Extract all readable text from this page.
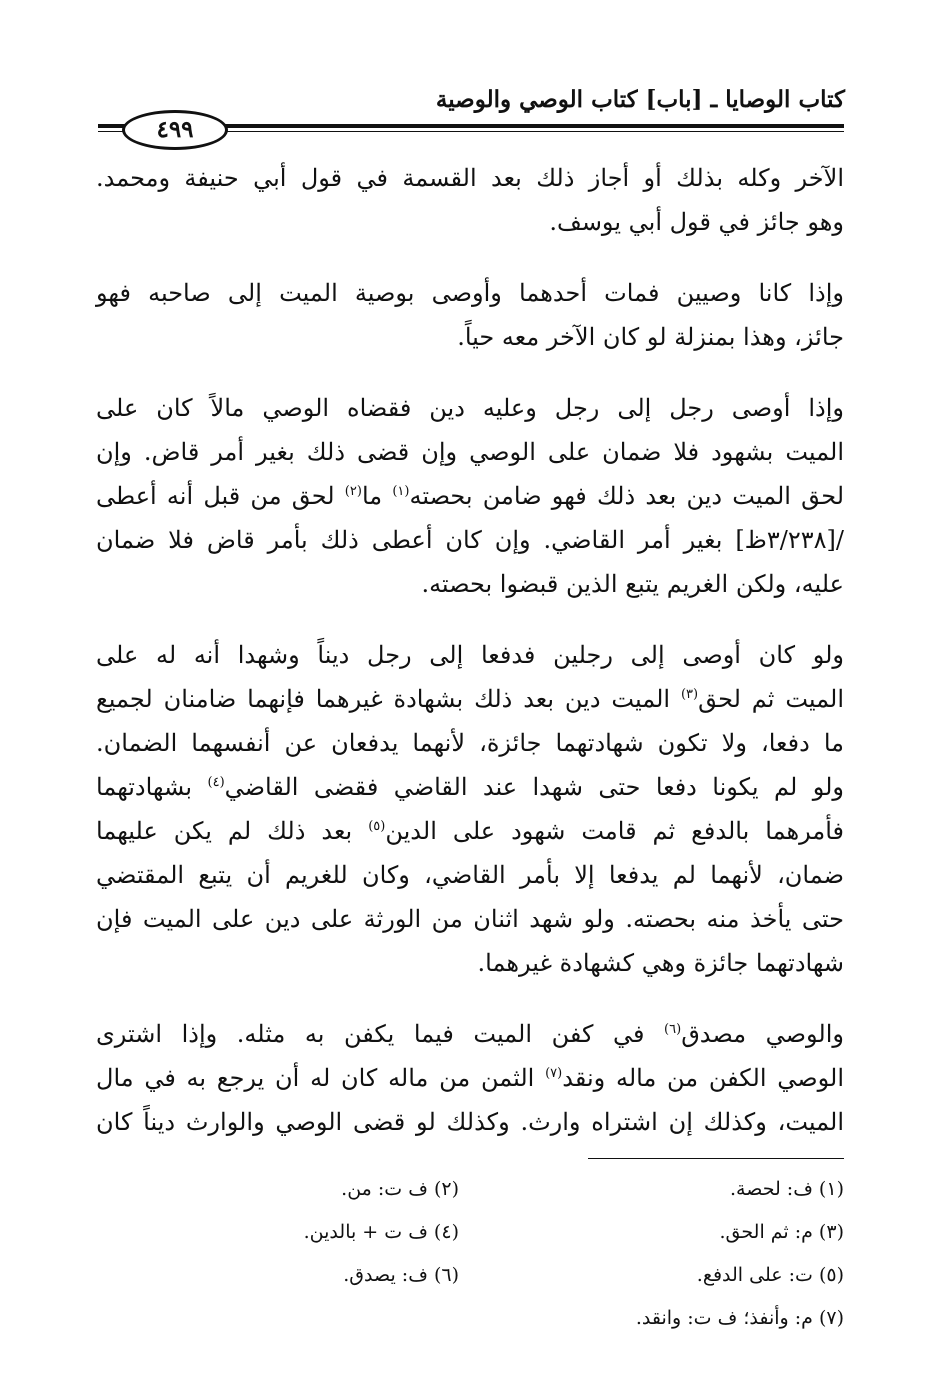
كتاب الوصايا ـ [باب] كتاب الوصي والوصية
٤٩٩
الآخر وكله بذلك أو أجاز ذلك بعد القسمة في قول أبي حنيفة ومحمد.
وهو جائز في قول أبي يوسف.
وإذا كانا وصيين فمات أحدهما وأوصى بوصية الميت إلى صاحبه فهو
جائز، وهذا بمنزلة لو كان الآخر معه حياً.
وإذا أوصى رجل إلى رجل وعليه دين فقضاه الوصي مالاً كان على
الميت بشهود فلا ضمان على الوصي وإن قضى ذلك بغير أمر قاض. وإن
لحق الميت دين بعد ذلك فهو ضامن بحصته$^{(١)}$ ما$^{(٢)}$ لحق من قبل أنه أعطى
/[٣/٢٣٨ظ] بغير أمر القاضي. وإن كان أعطى ذلك بأمر قاض فلا ضمان
عليه، ولكن الغريم يتبع الذين قبضوا بحصته.
ولو كان أوصى إلى رجلين فدفعا إلى رجل ديناً وشهدا أنه له على
الميت ثم لحق$^{(٣)}$ الميت دين بعد ذلك بشهادة غيرهما فإنهما ضامنان لجميع
ما دفعا، ولا تكون شهادتهما جائزة، لأنهما يدفعان عن أنفسهما الضمان.
ولو لم يكونا دفعا حتى شهدا عند القاضي فقضى القاضي$^{(٤)}$ بشهادتهما
فأمرهما بالدفع ثم قامت شهود على الدين$^{(٥)}$ بعد ذلك لم يكن عليهما
ضمان، لأنهما لم يدفعا إلا بأمر القاضي، وكان للغريم أن يتبع المقتضي
حتى يأخذ منه بحصته. ولو شهد اثنان من الورثة على دين على الميت فإن
شهادتهما جائزة وهي كشهادة غيرهما.
والوصي مصدق$^{(٦)}$ في كفن الميت فيما يكفن به مثله. وإذا اشترى
الوصي الكفن من ماله ونقد$^{(٧)}$ الثمن من ماله كان له أن يرجع به في مال
الميت، وكذلك إن اشتراه وارث. وكذلك لو قضى الوصي والوارث ديناً كان
(١) ف: لحصة.
(٢) ف ت: من.
(٣) م: ثم الحق.
(٤) ف ت + بالدين.
(٥) ت: على الدفع.
(٦) ف: يصدق.
(٧) م: وأنفذ؛ ف ت: وانقد.
